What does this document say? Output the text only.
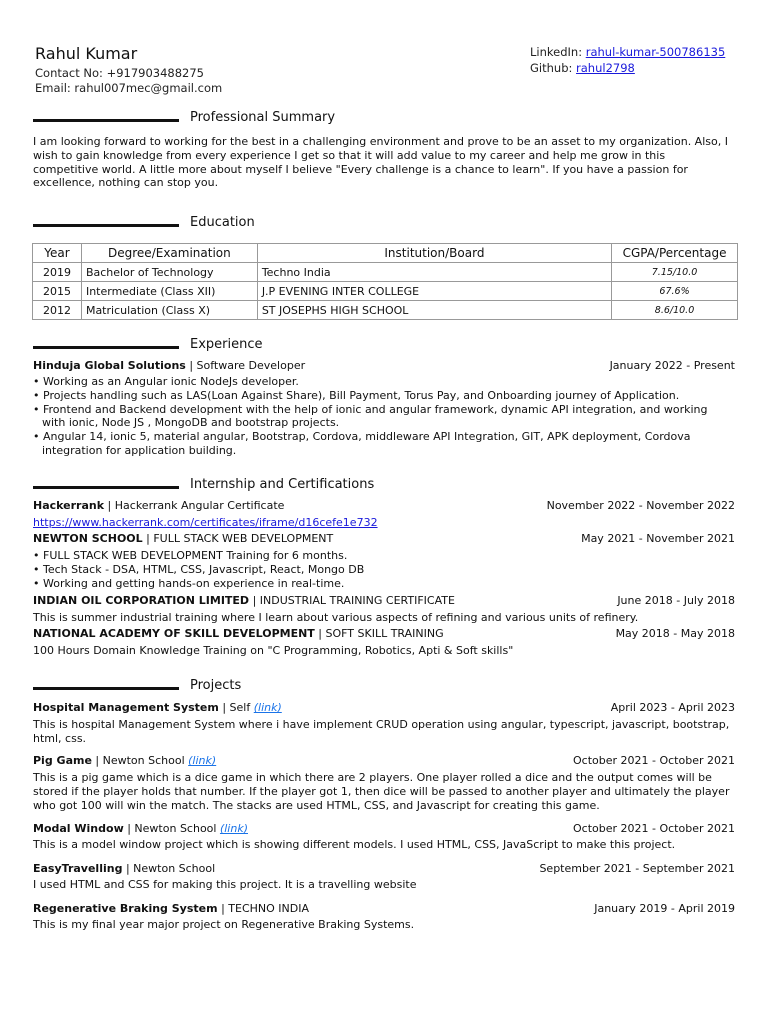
Rahul Kumar
Contact No: +917903488275
Email: rahul007mec@gmail.com
LinkedIn: rahul-kumar-500786135
Github: rahul2798
Professional Summary
I am looking forward to working for the best in a challenging environment and prove to be an asset to my organization. Also, I wish to gain knowledge from every experience I get so that it will add value to my career and help me grow in this competitive world. A little more about myself I believe "Every challenge is a chance to learn". If you have a passion for excellence, nothing can stop you.
Education
Year	Degree/Examination	Institution/Board	CGPA/Percentage
2019	Bachelor of Technology	Techno India	7.15/10.0
2015	Intermediate (Class XII)	J.P EVENING INTER COLLEGE	67.6%
2012	Matriculation (Class X)	ST JOSEPHS HIGH SCHOOL	8.6/10.0
Experience
Hinduja Global Solutions | Software Developer	January 2022 - Present
• Working as an Angular ionic NodeJs developer.
• Projects handling such as LAS(Loan Against Share), Bill Payment, Torus Pay, and Onboarding journey of Application.
• Frontend and Backend development with the help of ionic and angular framework, dynamic API integration, and working with ionic, Node JS , MongoDB and bootstrap projects.
• Angular 14, ionic 5, material angular, Bootstrap, Cordova, middleware API Integration, GIT, APK deployment, Cordova integration for application building.
Internship and Certifications
Hackerrank | Hackerrank Angular Certificate	November 2022 - November 2022
https://www.hackerrank.com/certificates/iframe/d16cefe1e732
NEWTON SCHOOL | FULL STACK WEB DEVELOPMENT	May 2021 - November 2021
• FULL STACK WEB DEVELOPMENT Training for 6 months.
• Tech Stack - DSA, HTML, CSS, Javascript, React, Mongo DB
• Working and getting hands-on experience in real-time.
INDIAN OIL CORPORATION LIMITED | INDUSTRIAL TRAINING CERTIFICATE	June 2018 - July 2018
This is summer industrial training where I learn about various aspects of refining and various units of refinery.
NATIONAL ACADEMY OF SKILL DEVELOPMENT | SOFT SKILL TRAINING	May 2018 - May 2018
100 Hours Domain Knowledge Training on "C Programming, Robotics, Apti & Soft skills"
Projects
Hospital Management System | Self (link)	April 2023 - April 2023
This is hospital Management System where i have implement CRUD operation using angular, typescript, javascript, bootstrap, html, css.
Pig Game | Newton School (link)	October 2021 - October 2021
This is a pig game which is a dice game in which there are 2 players. One player rolled a dice and the output comes will be stored if the player holds that number. If the player got 1, then dice will be passed to another player and ultimately the player who got 100 will win the match. The stacks are used HTML, CSS, and Javascript for creating this game.
Modal Window | Newton School (link)	October 2021 - October 2021
This is a model window project which is showing different models. I used HTML, CSS, JavaScript to make this project.
EasyTravelling | Newton School	September 2021 - September 2021
I used HTML and CSS for making this project. It is a travelling website
Regenerative Braking System | TECHNO INDIA	January 2019 - April 2019
This is my final year major project on Regenerative Braking Systems.
